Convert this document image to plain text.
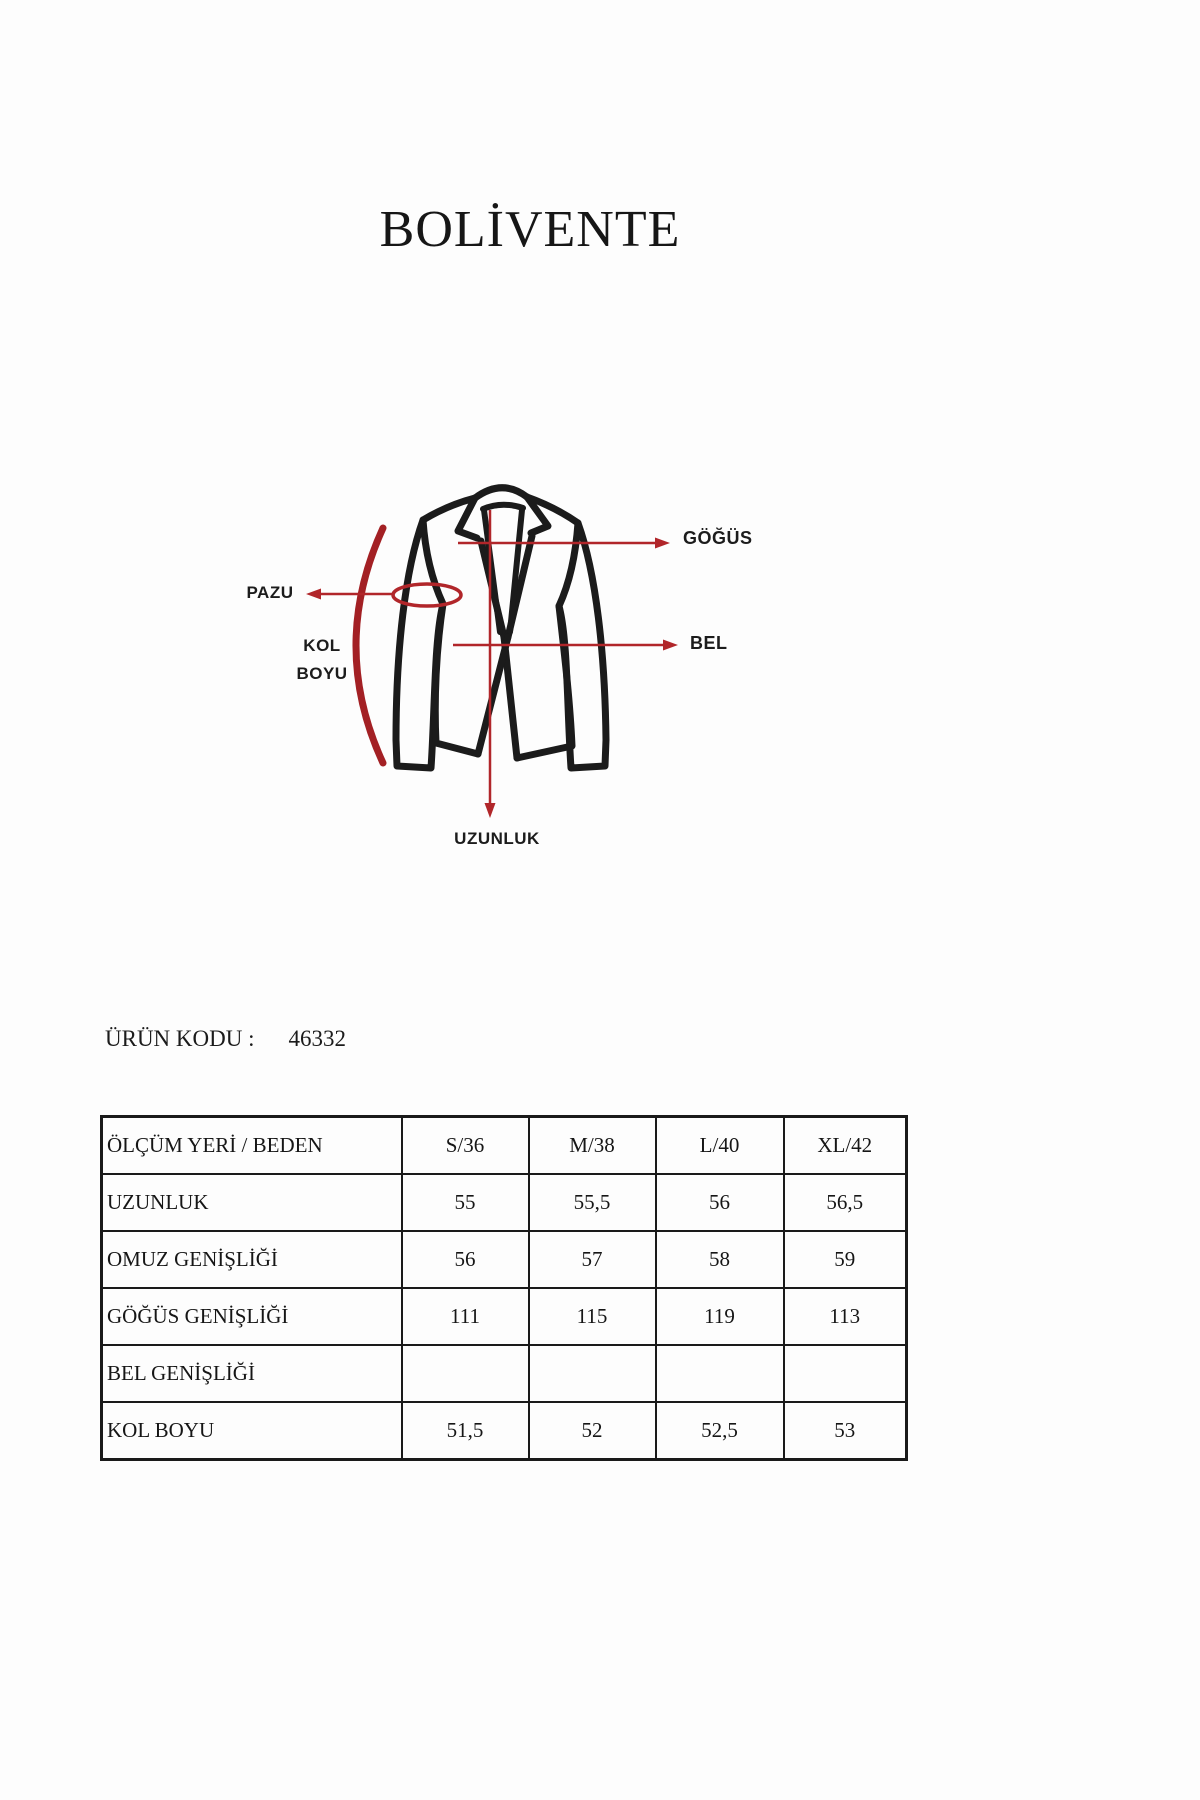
BOLİVENTE
PAZU
KOL
BOYU
GÖĞÜS
BEL
UZUNLUK
ÜRÜN KODU : 46332
ÖLÇÜM YERİ / BEDEN	S/36	M/38	L/40	XL/42
UZUNLUK	55	55,5	56	56,5
OMUZ GENİŞLİĞİ	56	57	58	59
GÖĞÜS GENİŞLİĞİ	111	115	119	113
BEL GENİŞLİĞİ				
KOL BOYU	51,5	52	52,5	53
